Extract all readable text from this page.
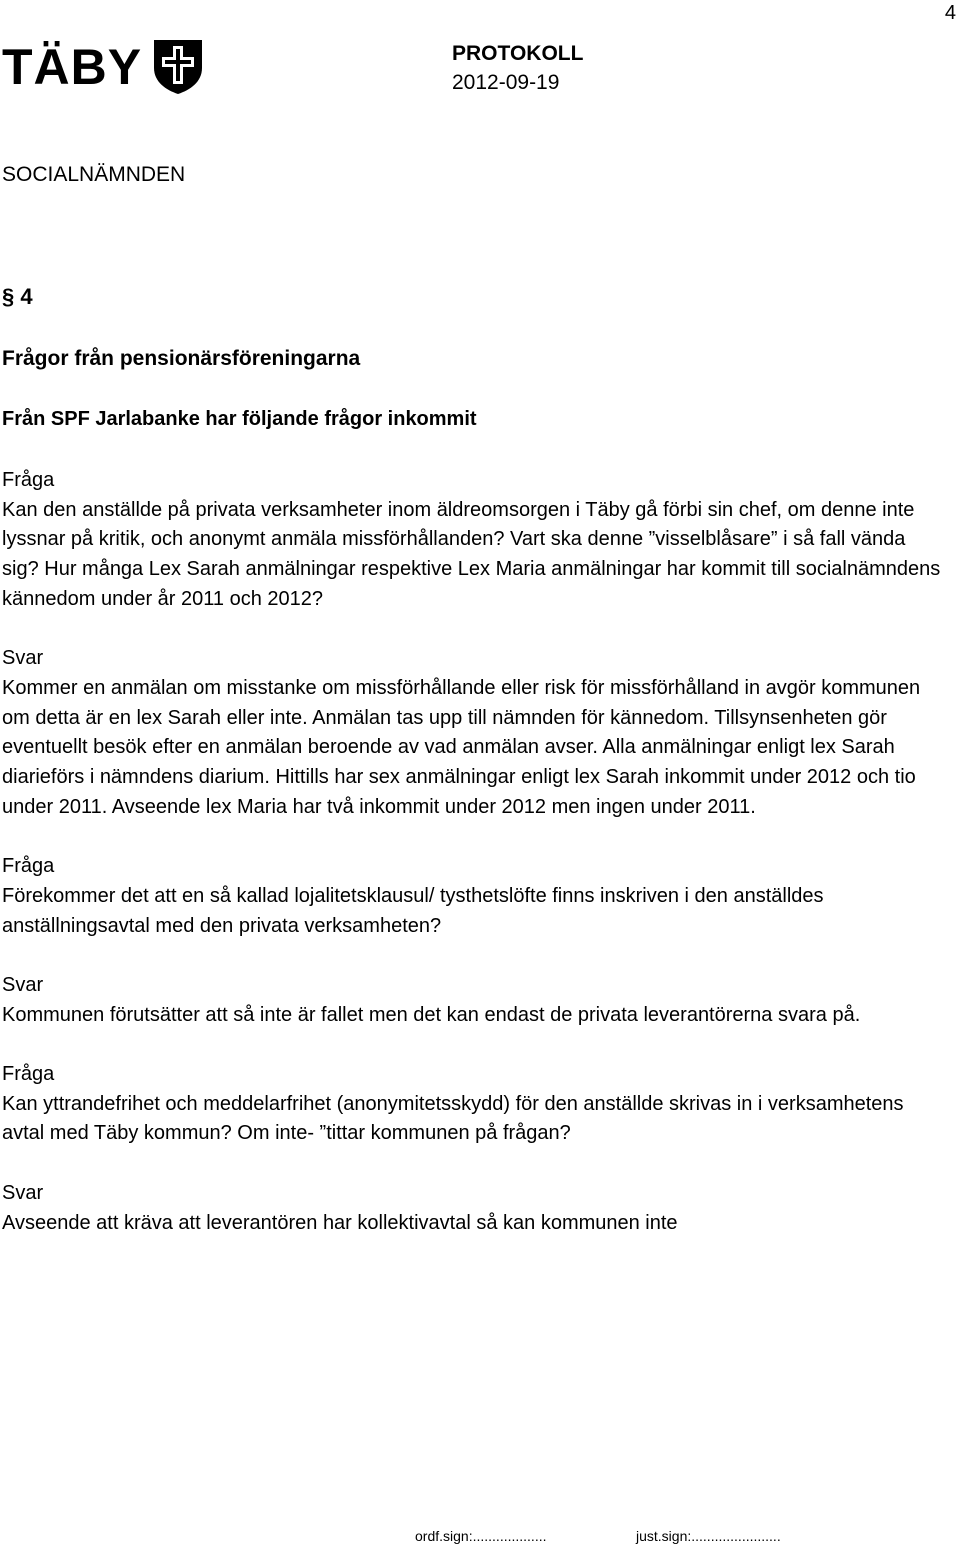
4
TÄBY	PROTOKOLL
2012-09-19
SOCIALNÄMNDEN
§ 4
Frågor från pensionärsföreningarna
Från SPF Jarlabanke har följande frågor inkommit

Fråga

Kan den anställde på privata verksamheter inom äldreomsorgen i Täby gå förbi sin chef, om denne inte lyssnar på kritik, och anonymt anmäla missförhållanden? Vart ska denne ”visselblåsare” i så fall vända sig? Hur många Lex Sarah anmälningar respektive Lex Maria anmälningar har kommit till socialnämndens kännedom under år 2011 och 2012?

Svar

Kommer en anmälan om misstanke om missförhållande eller risk för missförhålland in avgör kommunen om detta är en lex Sarah eller inte. Anmälan tas upp till nämnden för kännedom. Tillsynsenheten gör eventuellt besök efter en anmälan beroende av vad anmälan avser. Alla anmälningar enligt lex Sarah diarieförs i nämndens diarium. Hittills har sex anmälningar enligt lex Sarah inkommit under 2012 och tio under 2011. Avseende lex Maria har två inkommit under 2012 men ingen under 2011.

Fråga

Förekommer det att en så kallad lojalitetsklausul/ tysthetslöfte finns inskriven i den anställdes anställningsavtal med den privata verksamheten?

Svar

Kommunen förutsätter att så inte är fallet men det kan endast de privata leverantörerna svara på.

Fråga

Kan yttrandefrihet och meddelarfrihet (anonymitetsskydd) för den anställde skrivas in i verksamhetens avtal med Täby kommun? Om inte- ”tittar kommunen på frågan?

Svar

Avseende att kräva att leverantören har kollektivavtal så kan kommunen inte

ordf.sign:...................	just.sign:.......................
